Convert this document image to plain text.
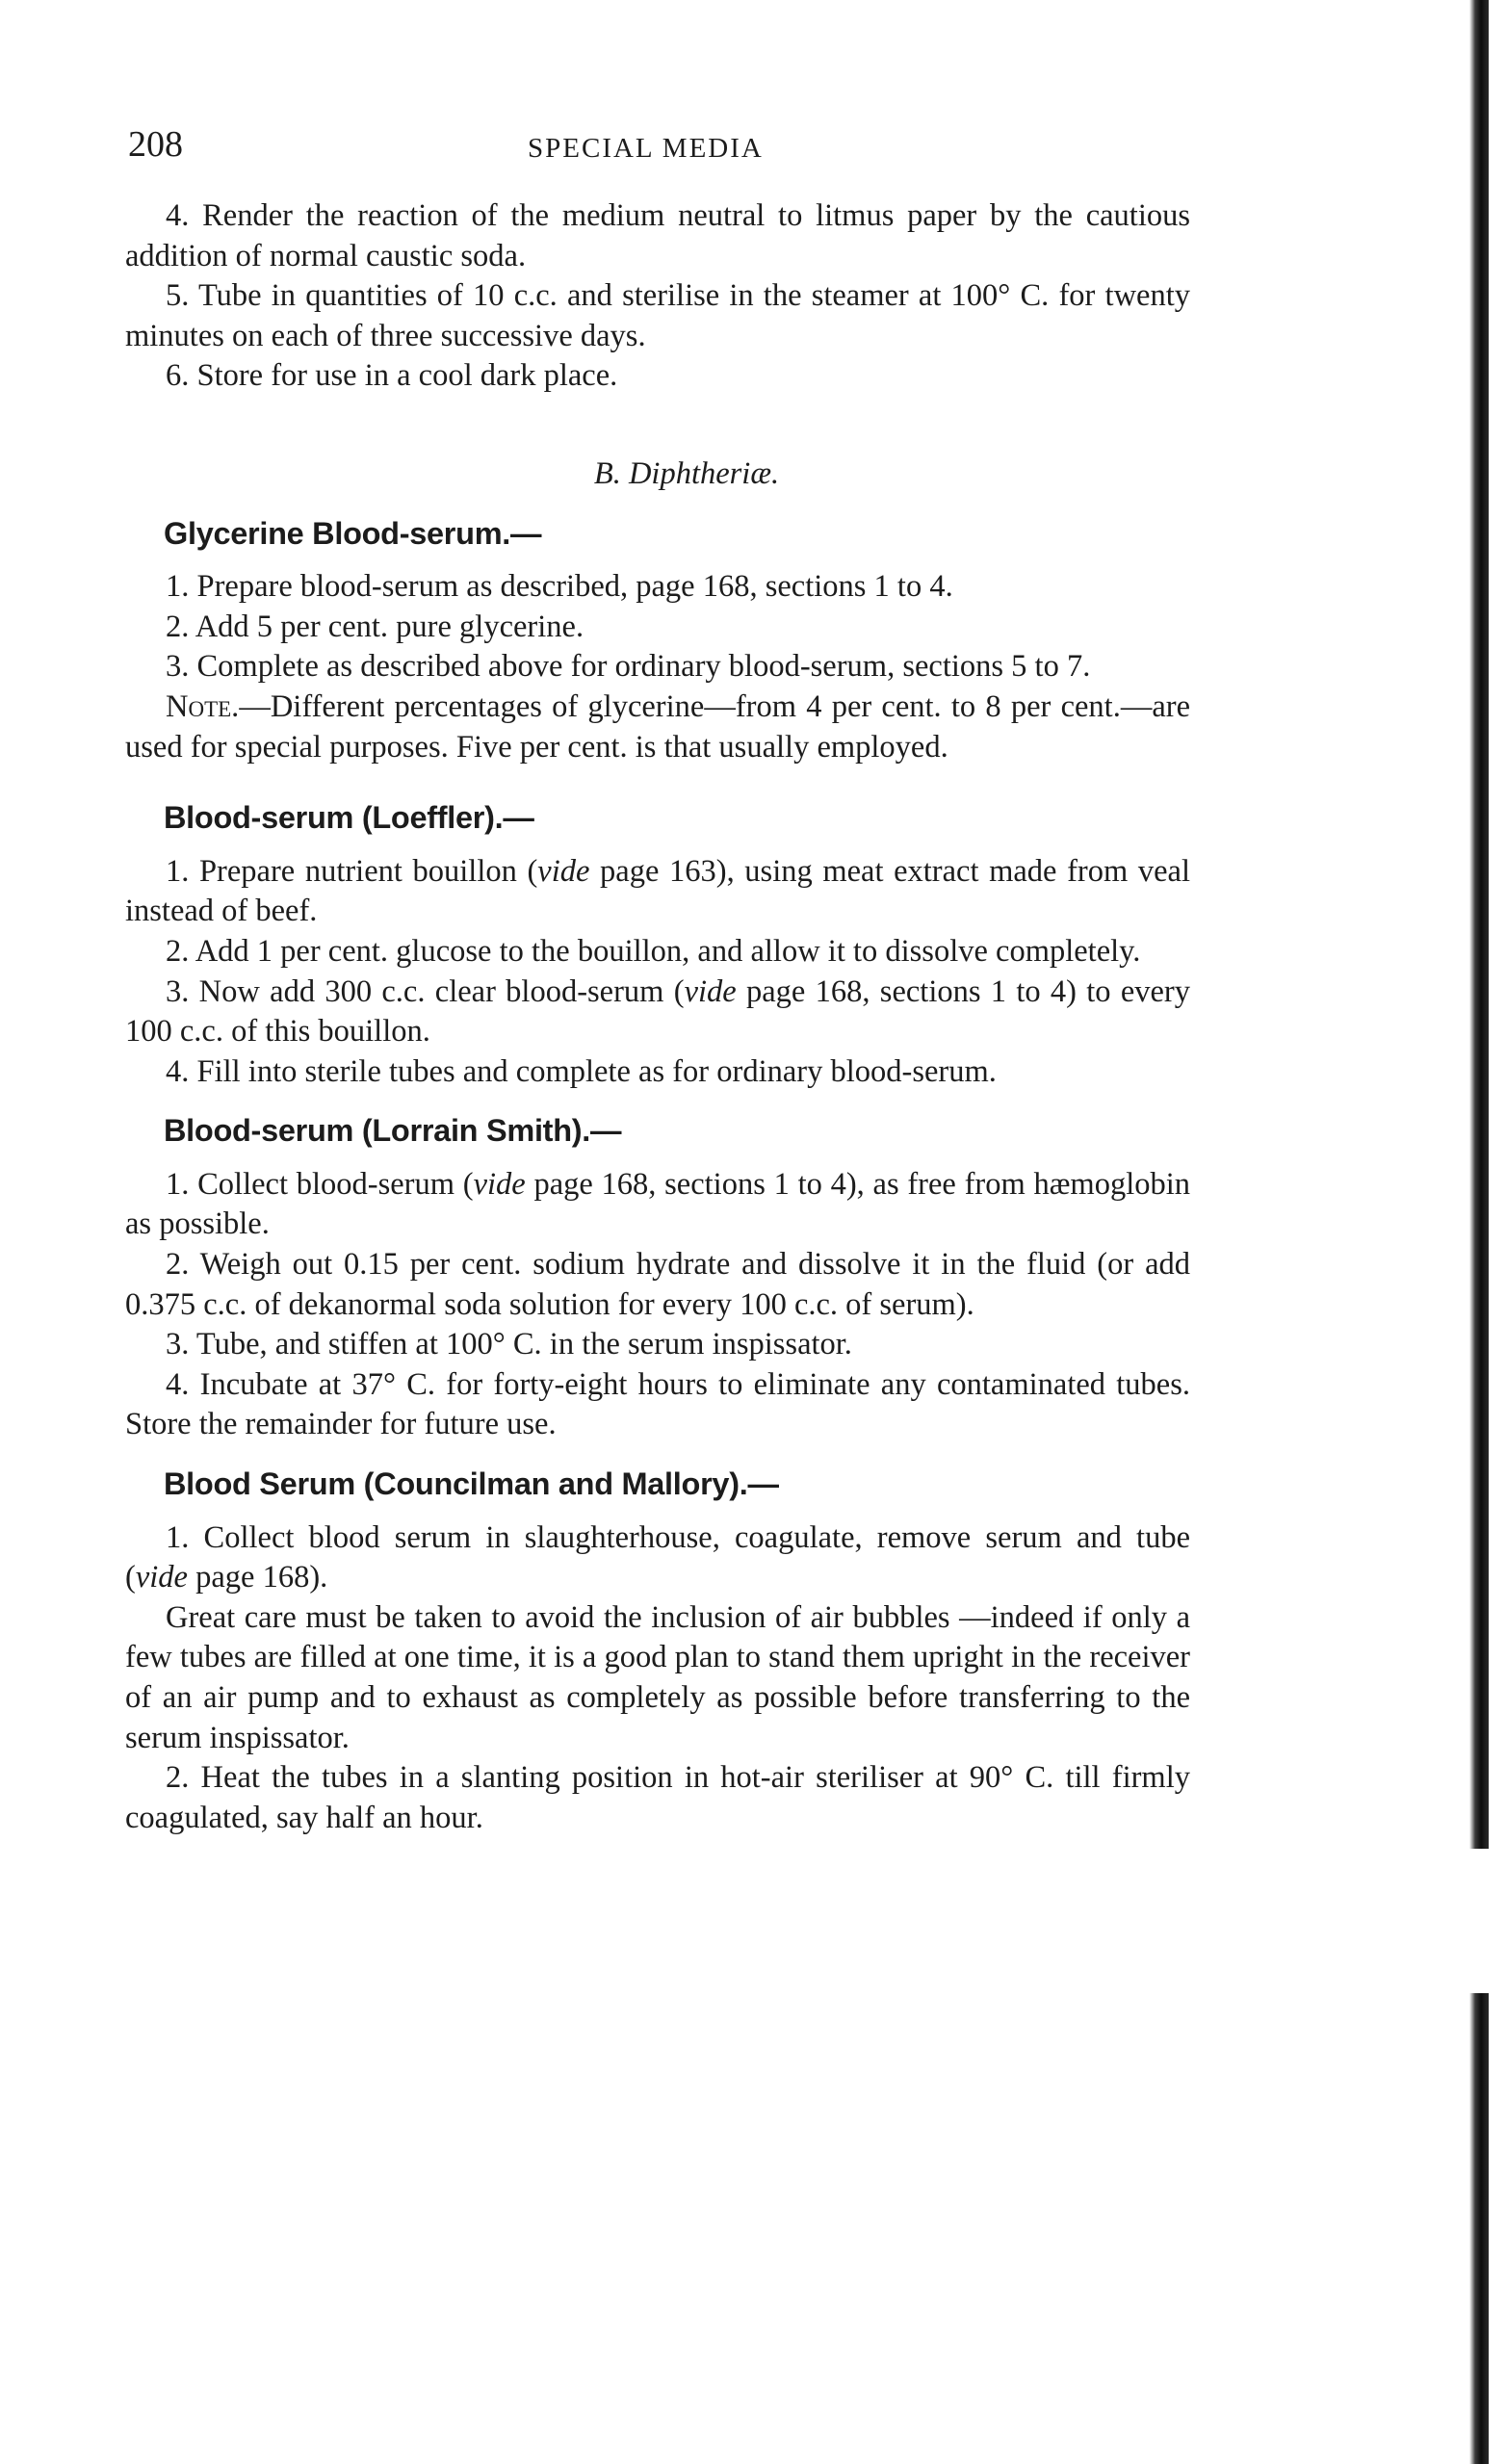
208	SPECIAL MEDIA

4. Render the reaction of the medium neutral to litmus paper by the cautious addition of normal caustic soda.

5. Tube in quantities of 10 c.c. and sterilise in the steamer at 100° C. for twenty minutes on each of three successive days.

6. Store for use in a cool dark place.

B. Diphtheriæ.
Glycerine Blood-serum.—

1. Prepare blood-serum as described, page 168, sections 1 to 4.

2. Add 5 per cent. pure glycerine.

3. Complete as described above for ordinary blood-serum, sections 5 to 7.

Note.—Different percentages of glycerine—from 4 per cent. to 8 per cent.—are used for special purposes. Five per cent. is that usually employed.

Blood-serum (Loeffler).—

1. Prepare nutrient bouillon (vide page 163), using meat extract made from veal instead of beef.

2. Add 1 per cent. glucose to the bouillon, and allow it to dissolve completely.

3. Now add 300 c.c. clear blood-serum (vide page 168, sections 1 to 4) to every 100 c.c. of this bouillon.

4. Fill into sterile tubes and complete as for ordinary blood-serum.

Blood-serum (Lorrain Smith).—

1. Collect blood-serum (vide page 168, sections 1 to 4), as free from hæmoglobin as possible.

2. Weigh out 0.15 per cent. sodium hydrate and dissolve it in the fluid (or add 0.375 c.c. of dekanormal soda solution for every 100 c.c. of serum).

3. Tube, and stiffen at 100° C. in the serum inspissator.

4. Incubate at 37° C. for forty-eight hours to eliminate any contaminated tubes. Store the remainder for future use.

Blood Serum (Councilman and Mallory).—

1. Collect blood serum in slaughterhouse, coagulate, remove serum and tube (vide page 168).

Great care must be taken to avoid the inclusion of air bubbles —indeed if only a few tubes are filled at one time, it is a good plan to stand them upright in the receiver of an air pump and to exhaust as completely as possible before transferring to the serum inspissator.

2. Heat the tubes in a slanting position in hot-air steriliser at 90° C. till firmly coagulated, say half an hour.
